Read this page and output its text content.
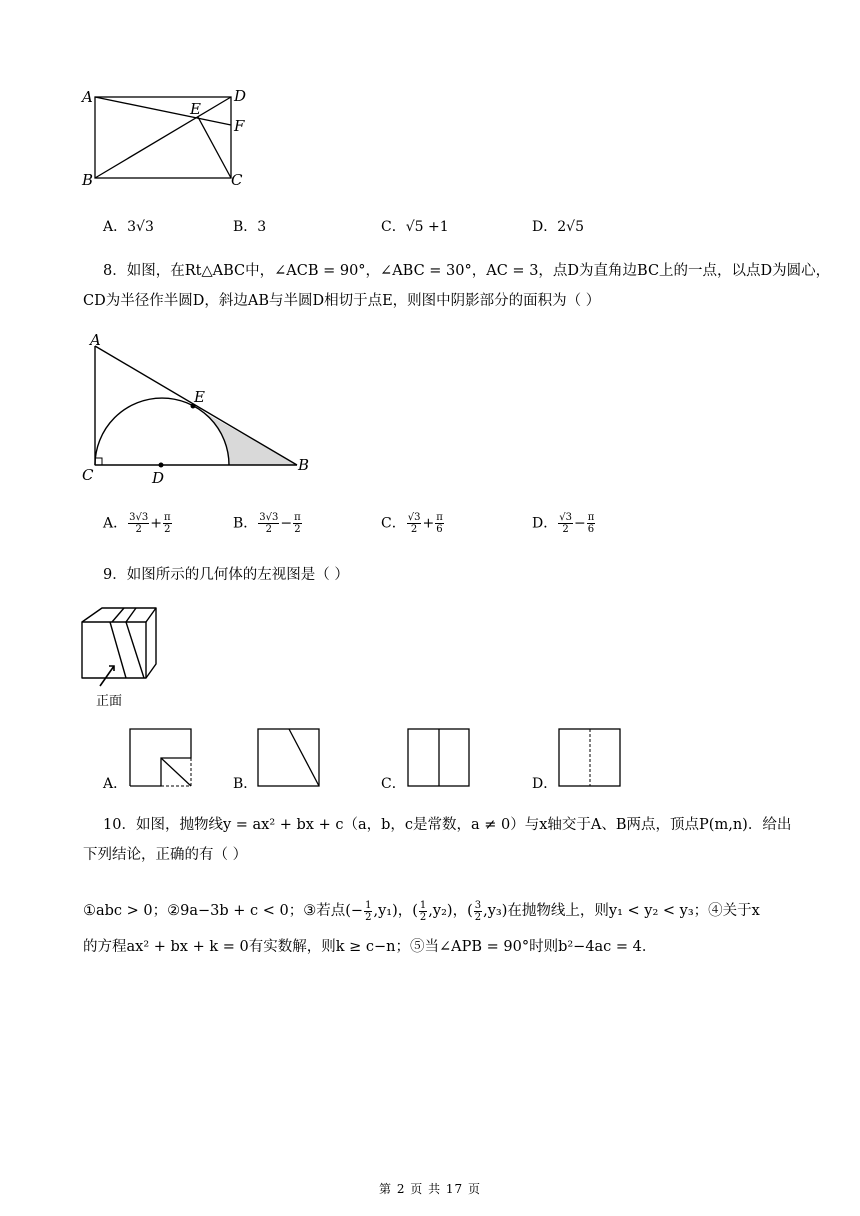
A	D
E
F
B	C
A．3√3	B．3	C．√5 +1	D．2√5
8．如图，在Rt△ABC中，∠ACB = 90°，∠ABC = 30°，AC = 3，点D为直角边BC上的一点，以点D为圆心，
CD为半径作半圆D，斜边AB与半圆D相切于点E，则图中阴影部分的面积为（ ）
A
E
B
C	D
A． $\frac{3√3}{2} + \frac{\pi}{2}$	B． $\frac{3√3}{2} - \frac{\pi}{2}$	C． $\frac{√3}{2} + \frac{\pi}{6}$	D． $\frac{√3}{2} - \frac{\pi}{6}$
9．如图所示的几何体的左视图是（ ）
正面
A．	B．	C．	D．
10．如图，抛物线y = ax² + bx + c（a，b，c是常数，a ≠ 0）与x轴交于A、B两点，顶点P(m,n)．给出
下列结论，正确的有（ ）
①abc > 0；②9a−3b + c < 0；③若点(− $\frac{1}{2} ,y_1$)，( $\frac{1}{2} ,y_2$)，( $\frac{3}{2} ,y_3$)在抛物线上，则y₁ < y₂ < y₃；④关于x
的方程ax² + bx + k = 0有实数解，则k ≥ c−n；⑤当∠APB = 90°时则b²−4ac = 4．
第 2 页 共 17 页
